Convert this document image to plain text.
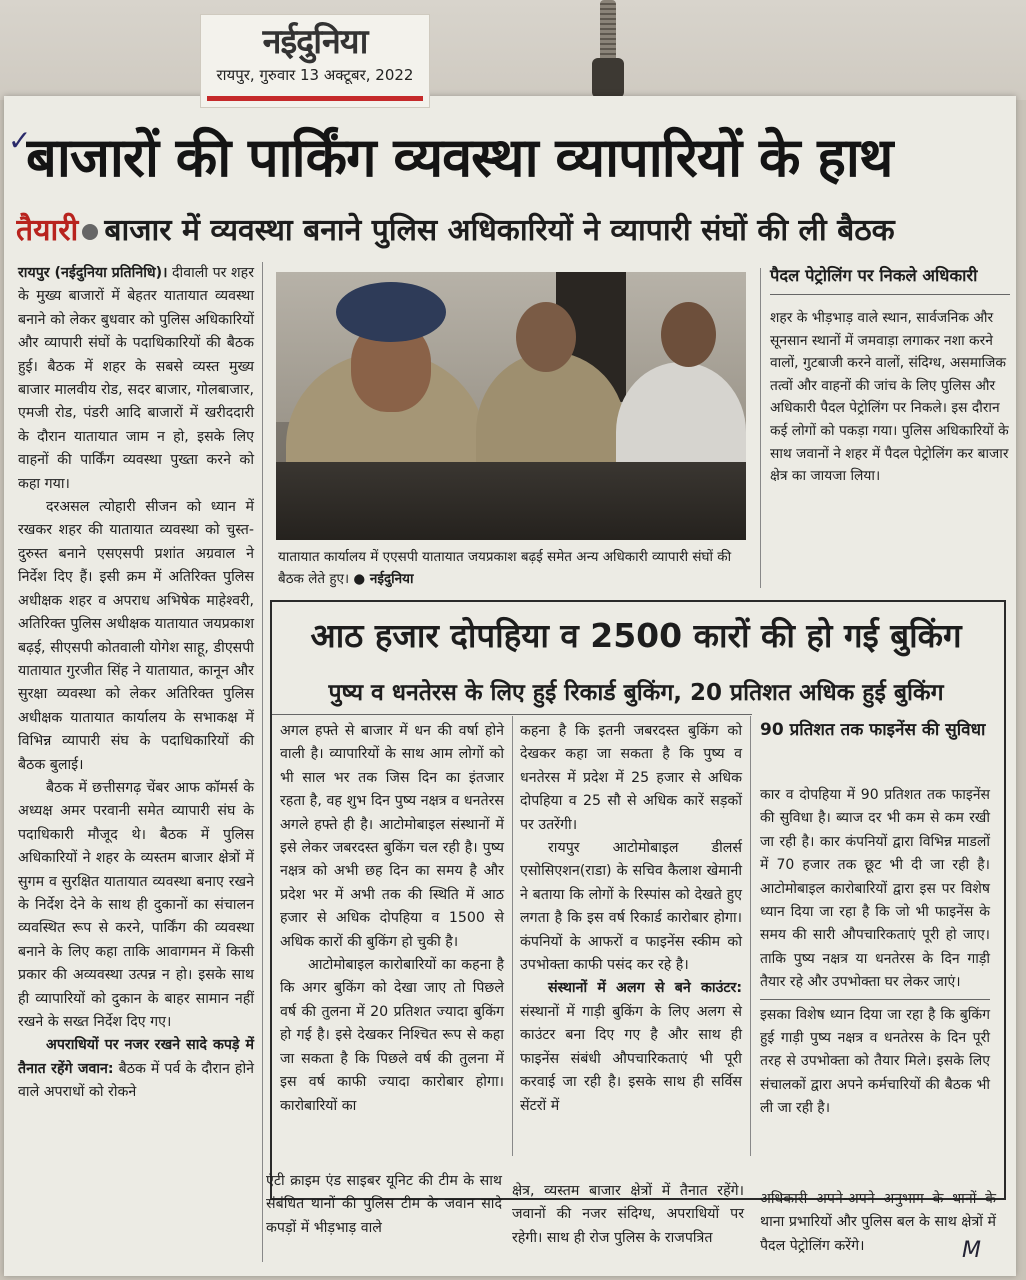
नईदुनिया
रायपुर, गुरुवार 13 अक्टूबर, 2022
✓
बाजारों की पार्किंग व्यवस्था व्यापारियों के हाथ
तैयारी बाजार में व्यवस्था बनाने पुलिस अधिकारियों ने व्यापारी संघों की ली बैठक

रायपुर (नईदुनिया प्रतिनिधि)। दीवाली पर शहर के मुख्य बाजारों में बेहतर यातायात व्यवस्था बनाने को लेकर बुधवार को पुलिस अधिकारियों और व्यापारी संघों के पदाधिकारियों की बैठक हुई। बैठक में शहर के सबसे व्यस्त मुख्य बाजार मालवीय रोड, सदर बाजार, गोलबाजार, एमजी रोड, पंडरी आदि बाजारों में खरीददारी के दौरान यातायात जाम न हो, इसके लिए वाहनों की पार्किंग व्यवस्था पुख्ता करने को कहा गया।

दरअसल त्योहारी सीजन को ध्यान में रखकर शहर की यातायात व्यवस्था को चुस्त-दुरुस्त बनाने एसएसपी प्रशांत अग्रवाल ने निर्देश दिए हैं। इसी क्रम में अतिरिक्त पुलिस अधीक्षक शहर व अपराध अभिषेक माहेश्वरी, अतिरिक्त पुलिस अधीक्षक यातायात जयप्रकाश बढ़ई, सीएसपी कोतवाली योगेश साहू, डीएसपी यातायात गुरजीत सिंह ने यातायात, कानून और सुरक्षा व्यवस्था को लेकर अतिरिक्त पुलिस अधीक्षक यातायात कार्यालय के सभाकक्ष में विभिन्न व्यापारी संघ के पदाधिकारियों की बैठक बुलाई।

बैठक में छत्तीसगढ़ चेंबर आफ कॉमर्स के अध्यक्ष अमर परवानी समेत व्यापारी संघ के पदाधिकारी मौजूद थे। बैठक में पुलिस अधिकारियों ने शहर के व्यस्तम बाजार क्षेत्रों में सुगम व सुरक्षित यातायात व्यवस्था बनाए रखने के निर्देश देने के साथ ही दुकानों का संचालन व्यवस्थित रूप से करने, पार्किंग की व्यवस्था बनाने के लिए कहा ताकि आवागमन में किसी प्रकार की अव्यवस्था उत्पन्न न हो। इसके साथ ही व्यापारियों को दुकान के बाहर सामान नहीं रखने के सख्त निर्देश दिए गए।

अपराधियों पर नजर रखने सादे कपड़े में तैनात रहेंगे जवान: बैठक में पर्व के दौरान होने वाले अपराधों को रोकने

यातायात कार्यालय में एएसपी यातायात जयप्रकाश बढ़ई समेत अन्य अधिकारी व्यापारी संघों की बैठक लेते हुए। ● नईदुनिया
पैदल पेट्रोलिंग पर निकले अधिकारी
शहर के भीड़भाड़ वाले स्थान, सार्वजनिक और सूनसान स्थानों में जमवाड़ा लगाकर नशा करने वालों, गुटबाजी करने वालों, संदिग्ध, असमाजिक तत्वों और वाहनों की जांच के लिए पुलिस और अधिकारी पैदल पेट्रोलिंग पर निकले। इस दौरान कई लोगों को पकड़ा गया। पुलिस अधिकारियों के साथ जवानों ने शहर में पैदल पेट्रोलिंग कर बाजार क्षेत्र का जायजा लिया।
आठ हजार दोपहिया व 2500 कारों की हो गई बुकिंग
पुष्य व धनतेरस के लिए हुई रिकार्ड बुकिंग, 20 प्रतिशत अधिक हुई बुकिंग

अगल हफ्ते से बाजार में धन की वर्षा होने वाली है। व्यापारियों के साथ आम लोगों को भी साल भर तक जिस दिन का इंतजार रहता है, वह शुभ दिन पुष्य नक्षत्र व धनतेरस अगले हफ्ते ही है। आटोमोबाइल संस्थानों में इसे लेकर जबरदस्त बुकिंग चल रही है। पुष्य नक्षत्र को अभी छह दिन का समय है और प्रदेश भर में अभी तक की स्थिति में आठ हजार से अधिक दोपहिया व 1500 से अधिक कारों की बुकिंग हो चुकी है।

आटोमोबाइल कारोबारियों का कहना है कि अगर बुकिंग को देखा जाए तो पिछले वर्ष की तुलना में 20 प्रतिशत ज्यादा बुकिंग हो गई है। इसे देखकर निश्चित रूप से कहा जा सकता है कि पिछले वर्ष की तुलना में इस वर्ष काफी ज्यादा कारोबार होगा। कारोबारियों का

कहना है कि इतनी जबरदस्त बुकिंग को देखकर कहा जा सकता है कि पुष्य व धनतेरस में प्रदेश में 25 हजार से अधिक दोपहिया व 25 सौ से अधिक कारें सड़कों पर उतरेंगी।

रायपुर आटोमोबाइल डीलर्स एसोसिएशन(राडा) के सचिव कैलाश खेमानी ने बताया कि लोगों के रिस्पांस को देखते हुए लगता है कि इस वर्ष रिकार्ड कारोबार होगा। कंपनियों के आफरों व फाइनेंस स्कीम को उपभोक्ता काफी पसंद कर रहे है।

संस्थानों में अलग से बने काउंटर: संस्थानों में गाड़ी बुकिंग के लिए अलग से काउंटर बना दिए गए है और साथ ही फाइनेंस संबंधी औपचारिकताएं भी पूरी करवाई जा रही है। इसके साथ ही सर्विस सेंटरों में

90 प्रतिशत तक फाइनेंस की सुविधा

कार व दोपहिया में 90 प्रतिशत तक फाइनेंस की सुविधा है। ब्याज दर भी कम से कम रखी जा रही है। कार कंपनियों द्वारा विभिन्न माडलों में 70 हजार तक छूट भी दी जा रही है। आटोमोबाइल कारोबारियों द्वारा इस पर विशेष ध्यान दिया जा रहा है कि जो भी फाइनेंस के समय की सारी औपचारिकताएं पूरी हो जाए। ताकि पुष्य नक्षत्र या धनतेरस के दिन गाड़ी तैयार रहे और उपभोक्ता घर लेकर जाएं।

इसका विशेष ध्यान दिया जा रहा है कि बुकिंग हुई गाड़ी पुष्य नक्षत्र व धनतेरस के दिन पूरी तरह से उपभोक्ता को तैयार मिले। इसके लिए संचालकों द्वारा अपने कर्मचारियों की बैठक भी ली जा रही है।

एंटी क्राइम एंड साइबर यूनिट की टीम के साथ संबंधित थानों की पुलिस टीम के जवान सादे कपड़ों में भीड़भाड़ वाले

क्षेत्र, व्यस्तम बाजार क्षेत्रों में तैनात रहेंगे। जवानों की नजर संदिग्ध, अपराधियों पर रहेगी। साथ ही रोज पुलिस के राजपत्रित

अधिकारी अपने-अपने अनुभाग के थानों के थाना प्रभारियों और पुलिस बल के साथ क्षेत्रों में पैदल पेट्रोलिंग करेंगे।	M
